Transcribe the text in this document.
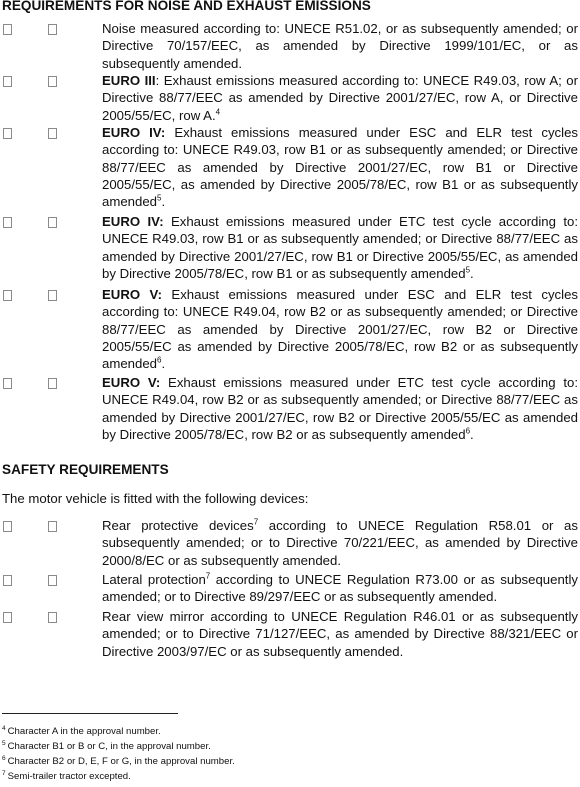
REQUIREMENTS FOR NOISE AND EXHAUST EMISSIONS

Noise measured according to: UNECE R51.02, or as subsequently amended; or Directive 70/157/EEC, as amended by Directive 1999/101/EC, or as subsequently amended.

EURO III: Exhaust emissions measured according to: UNECE R49.03, row A; or Directive 88/77/EEC as amended by Directive 2001/27/EC, row A, or Directive 2005/55/EC, row A.$^4$

EURO IV: Exhaust emissions measured under ESC and ELR test cycles according to: UNECE R49.03, row B1 or as subsequently amended; or Directive 88/77/EEC as amended by Directive 2001/27/EC, row B1 or Directive 2005/55/EC, as amended by Directive 2005/78/EC, row B1 or as subsequently amended$^5$.

EURO IV: Exhaust emissions measured under ETC test cycle according to: UNECE R49.03, row B1 or as subsequently amended; or Directive 88/77/EEC as amended by Directive 2001/27/EC, row B1 or Directive 2005/55/EC, as amended by Directive 2005/78/EC, row B1 or as subsequently amended$^5$.

EURO V: Exhaust emissions measured under ESC and ELR test cycles according to: UNECE R49.04, row B2 or as subsequently amended; or Directive 88/77/EEC as amended by Directive 2001/27/EC, row B2 or Directive 2005/55/EC as amended by Directive 2005/78/EC, row B2 or as subsequently amended$^6$.

EURO V: Exhaust emissions measured under ETC test cycle according to: UNECE R49.04, row B2 or as subsequently amended; or Directive 88/77/EEC as amended by Directive 2001/27/EC, row B2 or Directive 2005/55/EC as amended by Directive 2005/78/EC, row B2 or as subsequently amended$^6$.

SAFETY REQUIREMENTS

The motor vehicle is fitted with the following devices:

Rear protective devices$^7$ according to UNECE Regulation R58.01 or as subsequently amended; or to Directive 70/221/EEC, as amended by Directive 2000/8/EC or as subsequently amended.

Lateral protection$^7$ according to UNECE Regulation R73.00 or as subsequently amended; or to Directive 89/297/EEC or as subsequently amended.

Rear view mirror according to UNECE Regulation R46.01 or as subsequently amended; or to Directive 71/127/EEC, as amended by Directive 88/321/EEC or Directive 2003/97/EC or as subsequently amended.

$^4$ Character A in the approval number.

$^5$ Character B1 or B or C, in the approval number.

$^6$ Character B2 or D, E, F or G, in the approval number.

$^7$ Semi-trailer tractor excepted.
